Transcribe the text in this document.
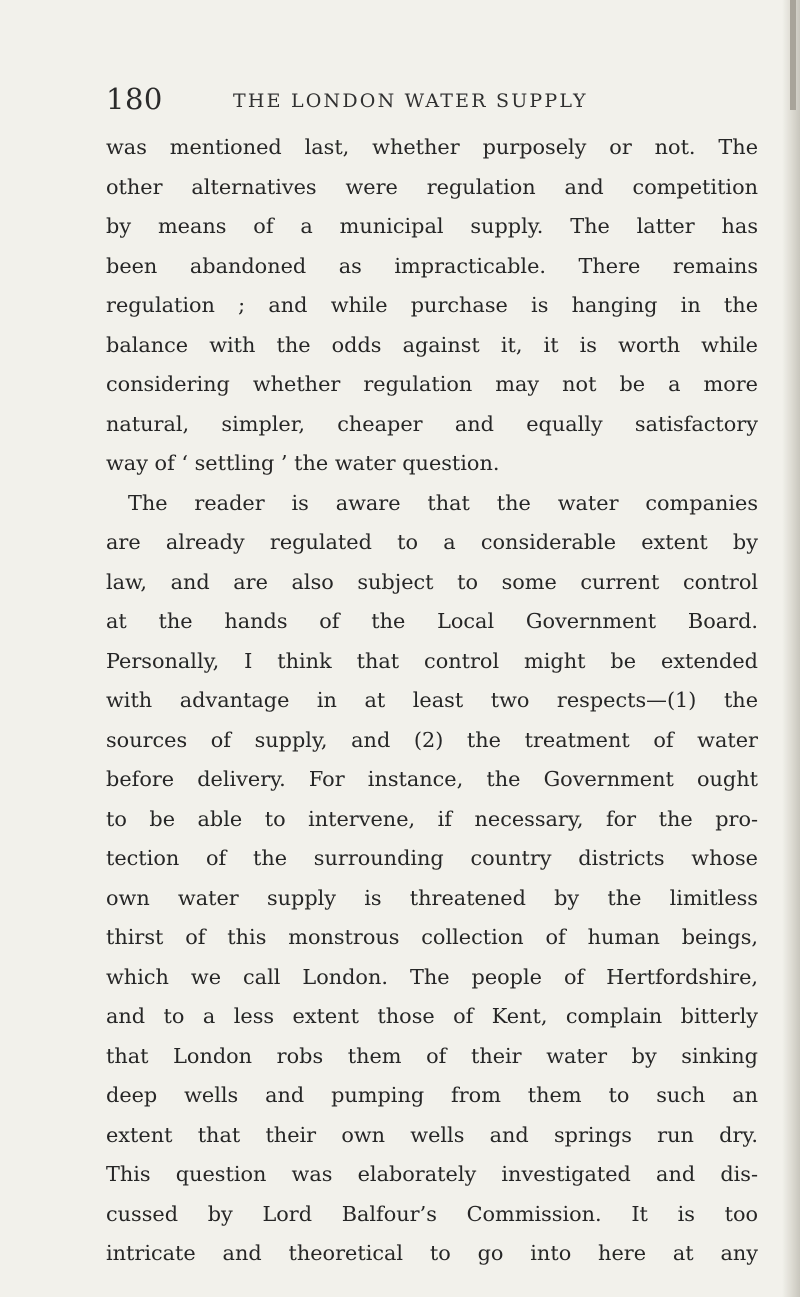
180	THE LONDON WATER SUPPLY
was mentioned last, whether purposely or not. The
other alternatives were regulation and competition
by means of a municipal supply. The latter has
been abandoned as impracticable. There remains
regulation ; and while purchase is hanging in the
balance with the odds against it, it is worth while
considering whether regulation may not be a more
natural, simpler, cheaper and equally satisfactory
way of ‘ settling ’ the water question.
The reader is aware that the water companies
are already regulated to a considerable extent by
law, and are also subject to some current control
at the hands of the Local Government Board.
Personally, I think that control might be extended
with advantage in at least two respects—(1) the
sources of supply, and (2) the treatment of water
before delivery. For instance, the Government ought
to be able to intervene, if necessary, for the pro-
tection of the surrounding country districts whose
own water supply is threatened by the limitless
thirst of this monstrous collection of human beings,
which we call London. The people of Hertfordshire,
and to a less extent those of Kent, complain bitterly
that London robs them of their water by sinking
deep wells and pumping from them to such an
extent that their own wells and springs run dry.
This question was elaborately investigated and dis-
cussed by Lord Balfour’s Commission. It is too
intricate and theoretical to go into here at any
